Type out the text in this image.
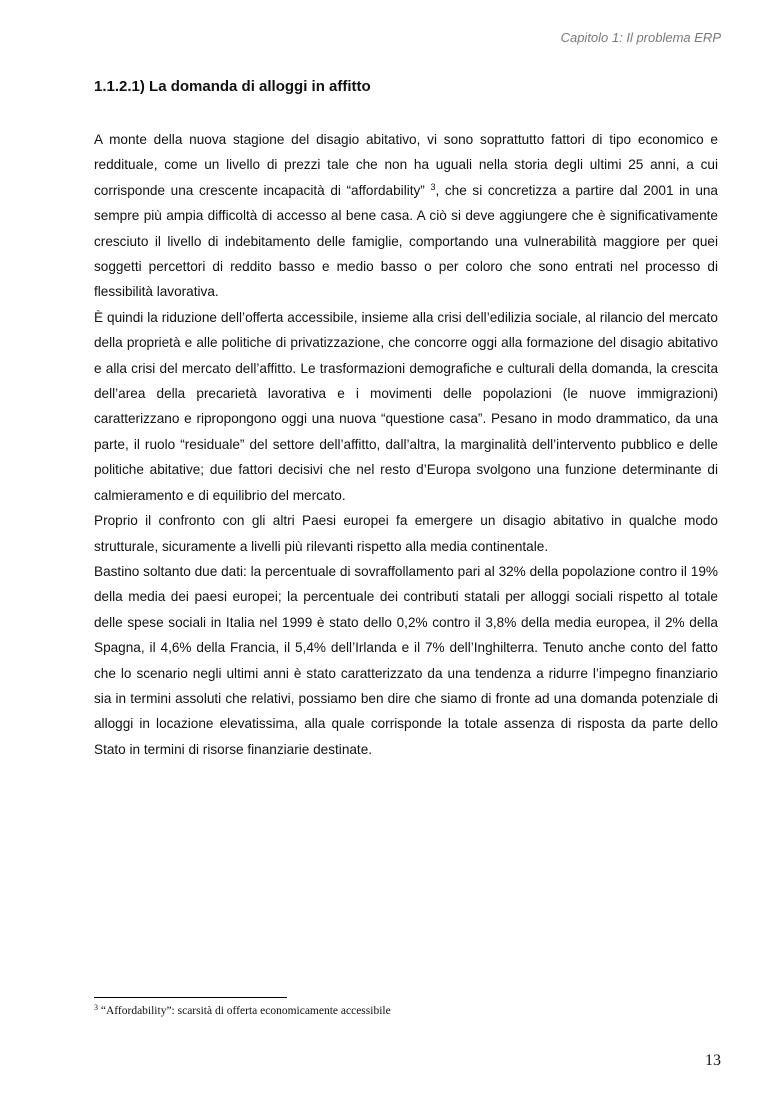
Capitolo 1: Il problema ERP
1.1.2.1) La domanda di alloggi in affitto

A monte della nuova stagione del disagio abitativo, vi sono soprattutto fattori di tipo economico e reddituale, come un livello di prezzi tale che non ha uguali nella storia degli ultimi 25 anni, a cui corrisponde una crescente incapacità di “affordability” $^3$, che si concretizza a partire dal 2001 in una sempre più ampia difficoltà di accesso al bene casa. A ciò si deve aggiungere che è significativamente cresciuto il livello di indebitamento delle famiglie, comportando una vulnerabilità maggiore per quei soggetti percettori di reddito basso e medio basso o per coloro che sono entrati nel processo di flessibilità lavorativa.

È quindi la riduzione dell’offerta accessibile, insieme alla crisi dell’edilizia sociale, al rilancio del mercato della proprietà e alle politiche di privatizzazione, che concorre oggi alla formazione del disagio abitativo e alla crisi del mercato dell’affitto. Le trasformazioni demografiche e culturali della domanda, la crescita dell’area della precarietà lavorativa e i movimenti delle popolazioni (le nuove immigrazioni) caratterizzano e ripropongono oggi una nuova “questione casa”. Pesano in modo drammatico, da una parte, il ruolo “residuale” del settore dell’affitto, dall’altra, la marginalità dell’intervento pubblico e delle politiche abitative; due fattori decisivi che nel resto d’Europa svolgono una funzione determinante di calmieramento e di equilibrio del mercato.

Proprio il confronto con gli altri Paesi europei fa emergere un disagio abitativo in qualche modo strutturale, sicuramente a livelli più rilevanti rispetto alla media continentale.

Bastino soltanto due dati: la percentuale di sovraffollamento pari al 32% della popolazione contro il 19% della media dei paesi europei; la percentuale dei contributi statali per alloggi sociali rispetto al totale delle spese sociali in Italia nel 1999 è stato dello 0,2% contro il 3,8% della media europea, il 2% della Spagna, il 4,6% della Francia, il 5,4% dell’Irlanda e il 7% dell’Inghilterra. Tenuto anche conto del fatto che lo scenario negli ultimi anni è stato caratterizzato da una tendenza a ridurre l’impegno finanziario sia in termini assoluti che relativi, possiamo ben dire che siamo di fronte ad una domanda potenziale di alloggi in locazione elevatissima, alla quale corrisponde la totale assenza di risposta da parte dello Stato in termini di risorse finanziarie destinate.

$^3$ “Affordability”: scarsità di offerta economicamente accessibile
13
